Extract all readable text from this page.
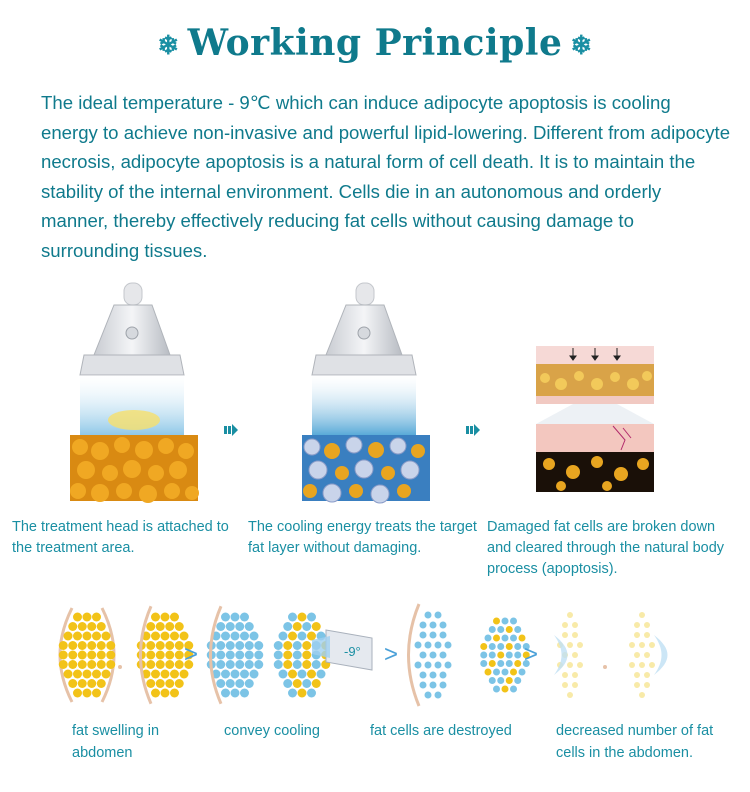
❄ Working Principle ❄
The ideal temperature - 9℃ which can induce adipocyte apoptosis is cooling energy to achieve non-invasive and powerful lipid-lowering. Different from adipocyte necrosis, adipocyte apoptosis is a natural form of cell death. It is to maintain the stability of the internal environment. Cells die in an autonomous and orderly manner, thereby effectively reducing fat cells without causing damage to surrounding tissues.
The treatment head is attached to the treatment area.
The cooling energy treats the target fat layer without damaging.
Damaged fat cells are broken down and cleared through the natural body process (apoptosis).
>	-9° >	>
fat swelling in abdomen
convey cooling	fat cells are destroyed	decreased number of fat cells in the abdomen.
